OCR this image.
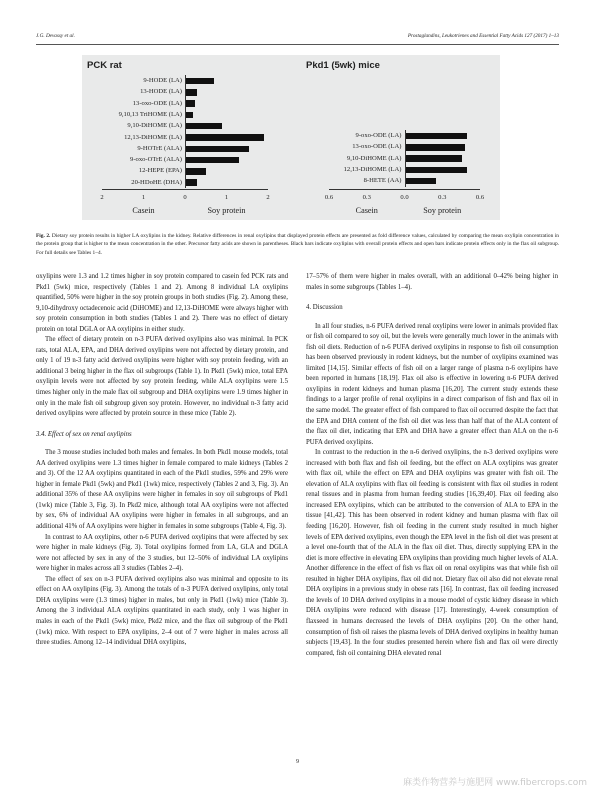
J.G. Devassy et al.	Prostaglandins, Leukotrienes and Essential Fatty Acids 127 (2017) 1–13
PCK rat	Pkd1 (5wk) mice
9-HODE (LA)
13-HODE (LA)
13-oxo-ODE (LA)
9,10,13 TriHOME (LA)
9,10-DiHOME (LA)
12,13-DiHOME (LA)
9-HOTrE (ALA)
9-oxo-OTrE (ALA)
12-HEPE (EPA)
20-HDoHE (DHA)
2	1	0	1	2
Casein	Soy protein
9-oxo-ODE (LA)
13-oxo-ODE (LA)
9,10-DiHOME (LA)
12,13-DiHOME (LA)
8-HETE (AA)
0.6	0.3	0.0	0.3	0.6
Casein	Soy protein
Fig. 2. Dietary soy protein results in higher LA oxylipins in the kidney. Relative differences in renal oxylipins that displayed protein effects are presented as fold difference values, calculated by comparing the mean oxylipin concentration in the protein group that is higher to the mean concentration in the other. Precursor fatty acids are shown in parentheses. Black bars indicate oxylipins with overall protein effects and open bars indicate protein effects only in the flax oil subgroup. For full details see Tables 1–4.

oxylipins were 1.3 and 1.2 times higher in soy protein compared to casein fed PCK rats and Pkd1 (5wk) mice, respectively (Tables 1 and 2). Among 8 individual LA oxylipins quantified, 50% were higher in the soy protein groups in both studies (Fig. 2). Among these, 9,10-dihydroxy octadecenoic acid (DiHOME) and 12,13-DiHOME were always higher with soy protein consumption in both studies (Tables 1 and 2). There was no effect of dietary protein on total DGLA or AA oxylipins in either study.

The effect of dietary protein on n-3 PUFA derived oxylipins also was minimal. In PCK rats, total ALA, EPA, and DHA derived oxylipins were not affected by dietary protein, and only 1 of 19 n-3 fatty acid derived oxylipins were higher with soy protein feeding, with an additional 3 being higher in the flax oil subgroups (Table 1). In Pkd1 (5wk) mice, total EPA oxylipin levels were not affected by soy protein feeding, while ALA oxylipins were 1.5 times higher only in the male flax oil subgroup and DHA oxylipins were 1.9 times higher in only in the male fish oil subgroup given soy protein. However, no individual n-3 fatty acid derived oxylipins were affected by protein source in these mice (Table 2).

3.4. Effect of sex on renal oxylipins

The 3 mouse studies included both males and females. In both Pkd1 mouse models, total AA derived oxylipins were 1.3 times higher in female compared to male kidneys (Tables 2 and 3). Of the 12 AA oxylipins quantitated in each of the Pkd1 studies, 59% and 29% were higher in female Pkd1 (5wk) and Pkd1 (1wk) mice, respectively (Tables 2 and 3, Fig. 3). An additional 35% of these AA oxylipins were higher in females in soy oil subgroups of Pkd1 (1wk) mice (Table 3, Fig. 3). In Pkd2 mice, although total AA oxylipins were not affected by sex, 6% of individual AA oxylipins were higher in females in all subgroups, and an additional 41% of AA oxylipins were higher in females in some subgroups (Table 4, Fig. 3).

In contrast to AA oxylipins, other n-6 PUFA derived oxylipins that were affected by sex were higher in male kidneys (Fig. 3). Total oxylipins formed from LA, GLA and DGLA were not affected by sex in any of the 3 studies, but 12–50% of individual LA oxylipins were higher in males across all 3 studies (Tables 2–4).

The effect of sex on n-3 PUFA derived oxylipins also was minimal and opposite to its effect on AA oxylipins (Fig. 3). Among the totals of n-3 PUFA derived oxylipins, only total DHA oxylipins were (1.3 times) higher in males, but only in Pkd1 (1wk) mice (Table 3). Among the 3 individual ALA oxylipins quantitated in each study, only 1 was higher in males in each of the Pkd1 (5wk) mice, Pkd2 mice, and the flax oil subgroup of the Pkd1 (1wk) mice. With respect to EPA oxylipins, 2–4 out of 7 were higher in males across all three studies. Among 12–14 individual DHA oxylipins,

17–57% of them were higher in males overall, with an additional 0–42% being higher in males in some subgroups (Tables 1–4).

4. Discussion

In all four studies, n-6 PUFA derived renal oxylipins were lower in animals provided flax or fish oil compared to soy oil, but the levels were generally much lower in the animals with fish oil diets. Reduction of n-6 PUFA derived oxylipins in response to fish oil consumption has been observed previously in rodent kidneys, but the number of oxylipins examined was limited [14,15]. Similar effects of fish oil on a larger range of plasma n-6 oxylipins have been reported in humans [18,19]. Flax oil also is effective in lowering n-6 PUFA derived oxylipins in rodent kidneys and human plasma [16,20]. The current study extends these findings to a larger profile of renal oxylipins in a direct comparison of fish and flax oil in the same model. The greater effect of fish compared to flax oil occurred despite the fact that the EPA and DHA content of the fish oil diet was less than half that of the ALA content of the flax oil diet, indicating that EPA and DHA have a greater effect than ALA on the n-6 PUFA derived oxylipins.

In contrast to the reduction in the n-6 derived oxylipins, the n-3 derived oxylipins were increased with both flax and fish oil feeding, but the effect on ALA oxylipins was greater with flax oil, while the effect on EPA and DHA oxylipins was greater with fish oil. The elevation of ALA oxylipins with flax oil feeding is consistent with flax oil studies in rodent renal tissues and in plasma from human feeding studies [16,39,40]. Flax oil feeding also increased EPA oxylipins, which can be attributed to the conversion of ALA to EPA in the tissue [41,42]. This has been observed in rodent kidney and human plasma with flax oil feeding [16,20]. However, fish oil feeding in the current study resulted in much higher levels of EPA derived oxylipins, even though the EPA level in the fish oil diet was present at a level one-fourth that of the ALA in the flax oil diet. Thus, directly supplying EPA in the diet is more effective in elevating EPA oxylipins than providing much higher levels of ALA. Another difference in the effect of fish vs flax oil on renal oxylipins was that while fish oil resulted in higher DHA oxylipins, flax oil did not. Dietary flax oil also did not elevate renal DHA oxylipins in a previous study in obese rats [16]. In contrast, flax oil feeding increased the levels of 10 DHA derived oxylipins in a mouse model of cystic kidney disease in which DHA oxylipins were reduced with disease [17]. Interestingly, 4-week consumption of flaxseed in humans decreased the levels of DHA oxylipins [20]. On the other hand, consumption of fish oil raises the plasma levels of DHA derived oxylipins in healthy human subjects [19,43]. In the four studies presented herein where fish and flax oil were directly compared, fish oil containing DHA elevated renal

9
麻类作物营养与施肥网 www.fibercrops.com
